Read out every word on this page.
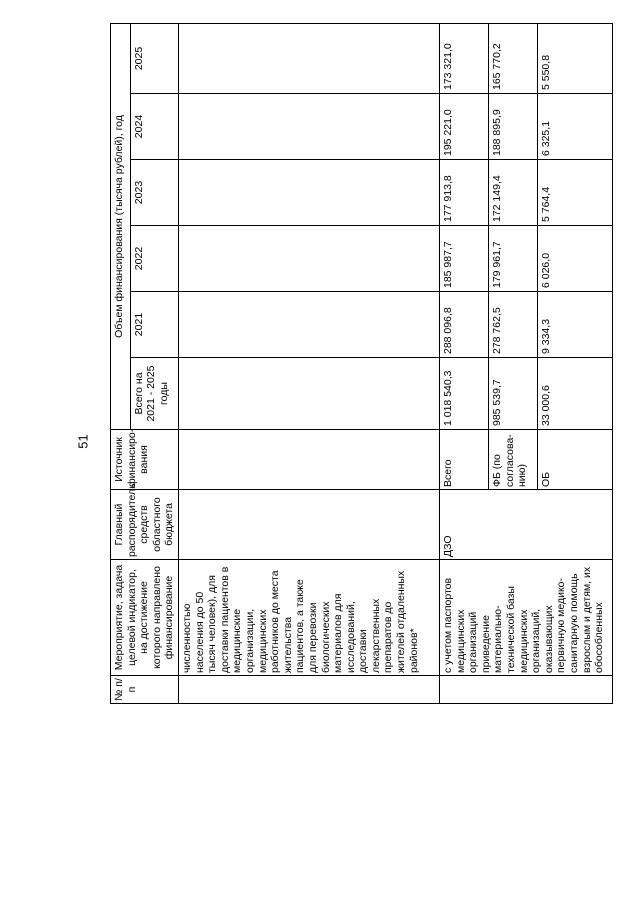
51
№ п/п	Мероприятие, задача целевой индикатор, на достижение которого направлено финансирование	Главный распорядитель средств областного бюджета	Источник финансиро-вания	Объем финансирования (тысяча рублей), год					
				Всего на 2021 - 2025 годы	2021	2022	2023	2024	2025
	численностью населения до 50 тысяч человек), для доставки пациентов в медицинские организации, медицинских работников до места жительства пациентов, а также для перевозки биологических материалов для исследований, доставки лекарственных препаратов до жителей отдаленных районов*								
	с учетом паспортов медицинских организаций приведение материально-технической базы медицинских организаций, оказывающих первичную медико-санитарную помощь взрослым и детям, их обособленных	ДЗО	Всего	1 018 540,3	288 096,8	185 987,7	177 913,8	195 221,0	173 321,0
			ФБ (по согласова-нию)	985 539,7	278 762,5	179 961,7	172 149,4	188 895,9	165 770,2
			ОБ	33 000,6	9 334,3	6 026,0	5 764,4	6 325,1	5 550,8
